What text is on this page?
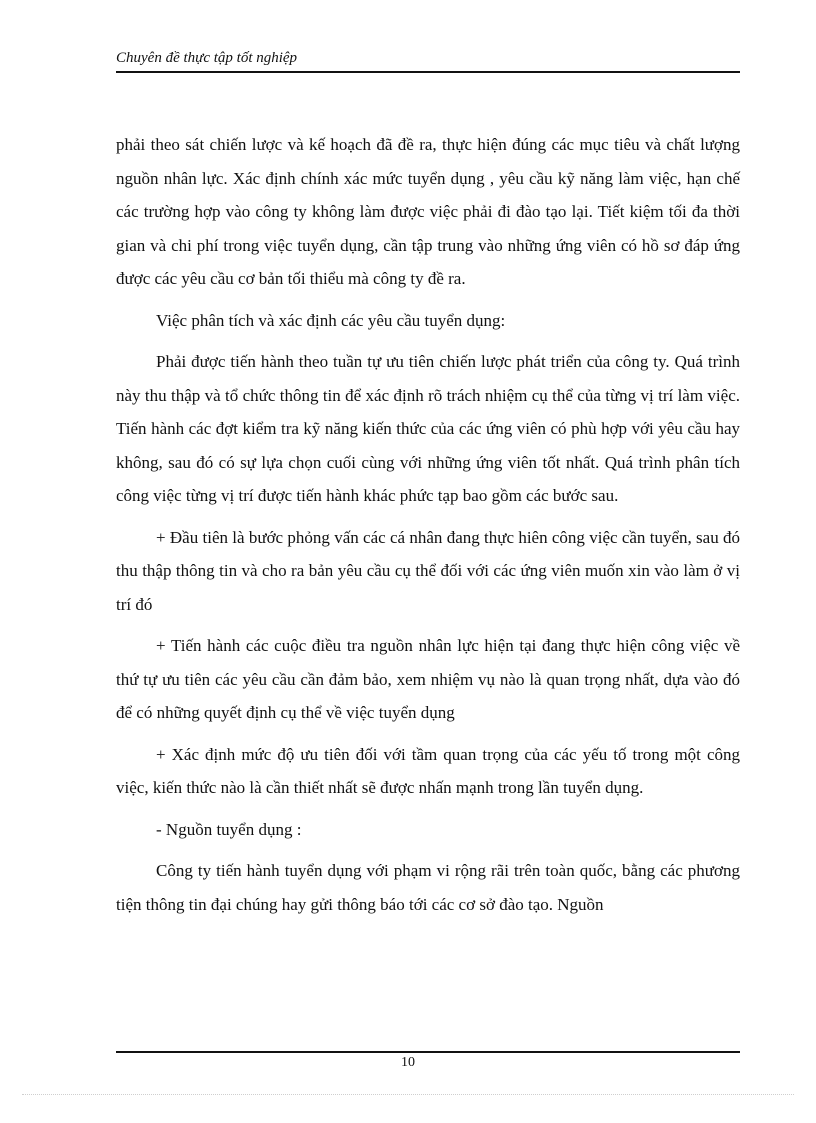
Chuyên đề thực tập tốt nghiệp

phải theo sát chiến lược và kế hoạch đã đề ra, thực hiện đúng các mục tiêu và chất lượng nguồn nhân lực. Xác định chính xác mức tuyển dụng , yêu cầu kỹ năng làm việc, hạn chế các trường hợp vào công ty không làm được việc phải đi đào tạo lại. Tiết kiệm tối đa thời gian và chi phí trong việc tuyển dụng, cần tập trung vào những ứng viên có hồ sơ đáp ứng được các yêu cầu cơ bản tối thiểu mà công ty đề ra.

Việc phân tích và xác định các yêu cầu tuyển dụng:

Phải được tiến hành theo tuần tự ưu tiên chiến lược phát triển của công ty. Quá trình này thu thập và tổ chức thông tin để xác định rõ trách nhiệm cụ thể của từng vị trí làm việc. Tiến hành các đợt kiểm tra kỹ năng kiến thức của các ứng viên có phù hợp với yêu cầu hay không, sau đó có sự lựa chọn cuối cùng với những ứng viên tốt nhất. Quá trình phân tích công việc từng vị trí được tiến hành khác phức tạp bao gồm các bước sau.

+ Đầu tiên là bước phỏng vấn các cá nhân đang thực hiên công việc cần tuyển, sau đó thu thập thông tin và cho ra bản yêu cầu cụ thể đối với các ứng viên muốn xin vào làm ở vị trí đó

+ Tiến hành các cuộc điều tra nguồn nhân lực hiện tại đang thực hiện công việc về thứ tự ưu tiên các yêu cầu cần đảm bảo, xem nhiệm vụ nào là quan trọng nhất, dựa vào đó để có những quyết định cụ thể về việc tuyển dụng

+ Xác định mức độ ưu tiên đối với tầm quan trọng của các yếu tố trong một công việc, kiến thức nào là cần thiết nhất sẽ được nhấn mạnh trong lần tuyển dụng.

- Nguồn tuyển dụng :

Công ty tiến hành tuyển dụng với phạm vi rộng rãi trên toàn quốc, bằng các phương tiện thông tin đại chúng hay gửi thông báo tới các cơ sở đào tạo. Nguồn

10
